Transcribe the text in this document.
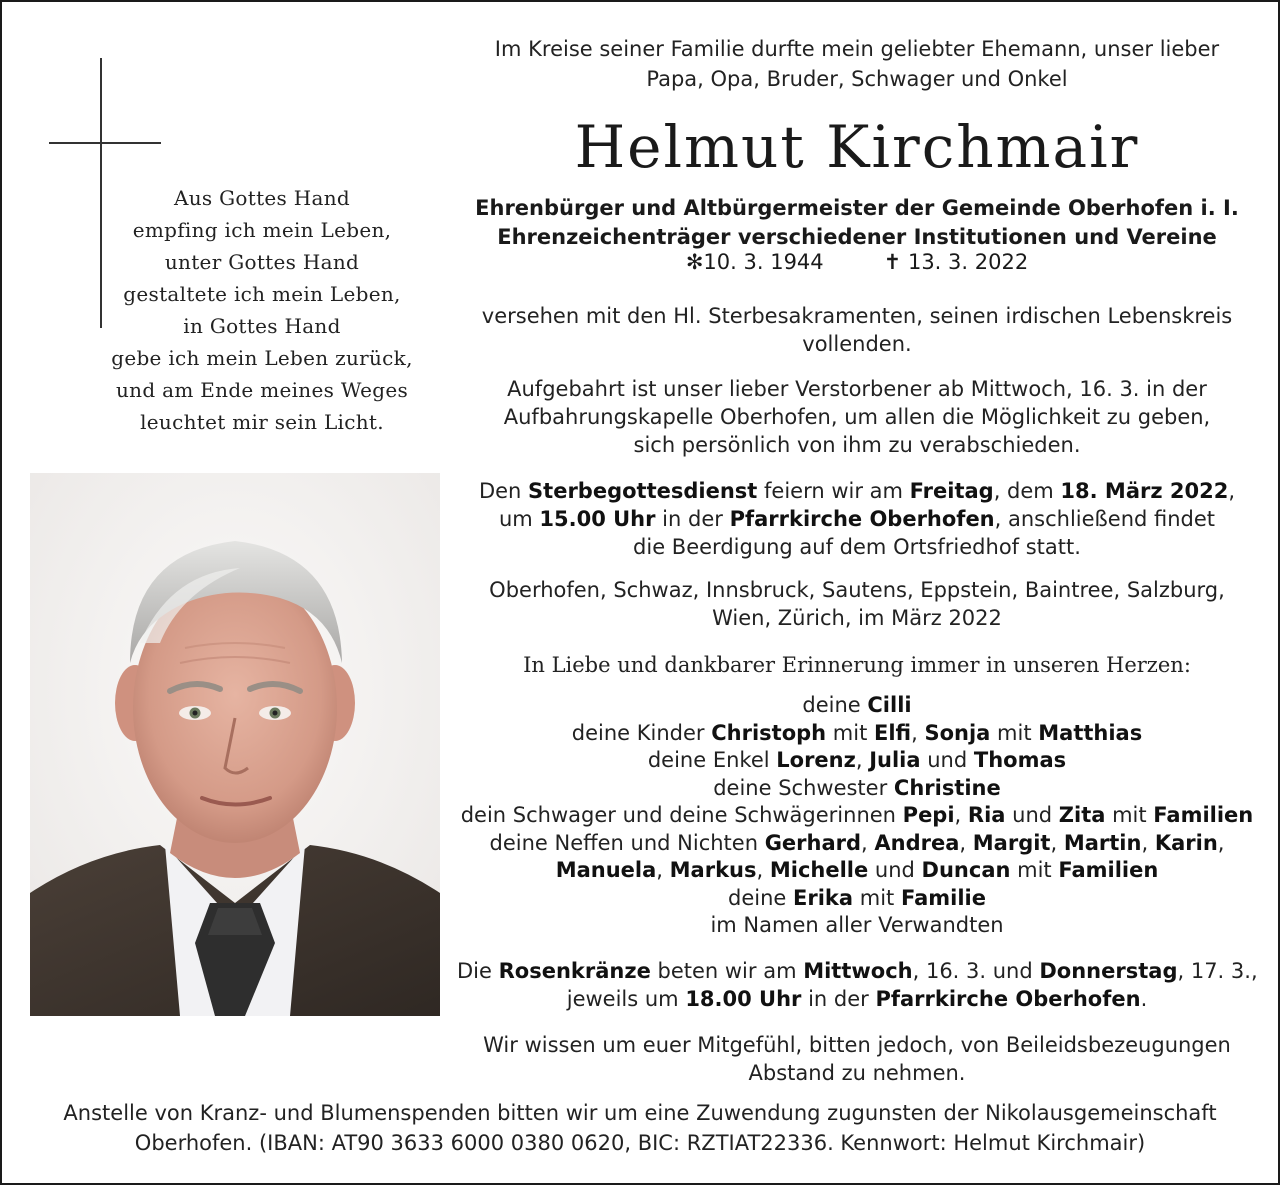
Aus Gottes Hand
empfing ich mein Leben,
unter Gottes Hand
gestaltete ich mein Leben,
in Gottes Hand
gebe ich mein Leben zurück,
und am Ende meines Weges
leuchtet mir sein Licht.
Im Kreise seiner Familie durfte mein geliebter Ehemann, unser lieber
Papa, Opa, Bruder, Schwager und Onkel
Helmut Kirchmair
Ehrenbürger und Altbürgermeister der Gemeinde Oberhofen i. I.
Ehrenzeichenträger verschiedener Institutionen und Vereine
✻10. 3. 1944	✝ 13. 3. 2022
versehen mit den Hl. Sterbesakramenten, seinen irdischen Lebenskreis
vollenden.
Aufgebahrt ist unser lieber Verstorbener ab Mittwoch, 16. 3. in der
Aufbahrungskapelle Oberhofen, um allen die Möglichkeit zu geben,
sich persönlich von ihm zu verabschieden.
Den Sterbegottesdienst feiern wir am Freitag, dem 18. März 2022,
um 15.00 Uhr in der Pfarrkirche Oberhofen, anschließend findet
die Beerdigung auf dem Ortsfriedhof statt.
Oberhofen, Schwaz, Innsbruck, Sautens, Eppstein, Baintree, Salzburg,
Wien, Zürich, im März 2022
In Liebe und dankbarer Erinnerung immer in unseren Herzen:
deine Cilli
deine Kinder Christoph mit Elfi, Sonja mit Matthias
deine Enkel Lorenz, Julia und Thomas
deine Schwester Christine
dein Schwager und deine Schwägerinnen Pepi, Ria und Zita mit Familien
deine Neffen und Nichten Gerhard, Andrea, Margit, Martin, Karin,
Manuela, Markus, Michelle und Duncan mit Familien
deine Erika mit Familie
im Namen aller Verwandten
Die Rosenkränze beten wir am Mittwoch, 16. 3. und Donnerstag, 17. 3.,
jeweils um 18.00 Uhr in der Pfarrkirche Oberhofen.
Wir wissen um euer Mitgefühl, bitten jedoch, von Beileidsbezeugungen
Abstand zu nehmen.
Anstelle von Kranz- und Blumenspenden bitten wir um eine Zuwendung zugunsten der Nikolausgemeinschaft
Oberhofen. (IBAN: AT90 3633 6000 0380 0620, BIC: RZTIAT22336. Kennwort: Helmut Kirchmair)
